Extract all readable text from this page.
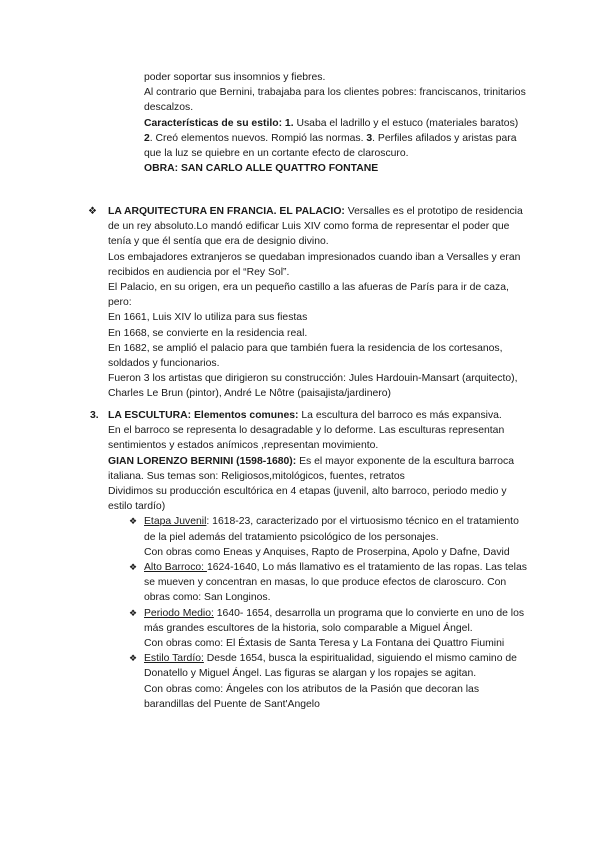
poder soportar sus insomnios y fiebres.

Al contrario que Bernini, trabajaba para los clientes pobres: franciscanos, trinitarios descalzos.

Características de su estilo: 1. Usaba el ladrillo y el estuco (materiales baratos)

2. Creó elementos nuevos. Rompió las normas. 3. Perfiles afilados y aristas para que la luz se quiebre en un cortante efecto de claroscuro.

OBRA: SAN CARLO ALLE QUATTRO FONTANE

❖ LA ARQUITECTURA EN FRANCIA. EL PALACIO: Versalles es el prototipo de residencia de un rey absoluto.Lo mandó edificar Luis XIV como forma de representar el poder que tenía y que él sentía que era de designio divino.

Los embajadores extranjeros se quedaban impresionados cuando iban a Versalles y eran recibidos en audiencia por el “Rey Sol”.

El Palacio, en su origen, era un pequeño castillo a las afueras de París para ir de caza, pero:

En 1661, Luis XIV lo utiliza para sus fiestas

En 1668, se convierte en la residencia real.

En 1682, se amplió el palacio para que también fuera la residencia de los cortesanos, soldados y funcionarios.

Fueron 3 los artistas que dirigieron su construcción: Jules Hardouin-Mansart (arquitecto), Charles Le Brun (pintor), André Le Nôtre (paisajista/jardinero)

3. LA ESCULTURA: Elementos comunes: La escultura del barroco es más expansiva.

En el barroco se representa lo desagradable y lo deforme. Las esculturas representan sentimientos y estados anímicos ,representan movimiento.

GIAN LORENZO BERNINI (1598-1680): Es el mayor exponente de la escultura barroca italiana. Sus temas son: Religiosos,mitológicos, fuentes, retratos

Dividimos su producción escultórica en 4 etapas (juvenil, alto barroco, periodo medio y estilo tardío)

❖ Etapa Juvenil: 1618-23, caracterizado por el virtuosismo técnico en el tratamiento de la piel además del tratamiento psicológico de los personajes.

Con obras como Eneas y Anquises, Rapto de Proserpina, Apolo y Dafne, David

❖ Alto Barroco: 1624-1640, Lo más llamativo es el tratamiento de las ropas. Las telas se mueven y concentran en masas, lo que produce efectos de claroscuro. Con obras como: San Longinos.

❖ Periodo Medio: 1640- 1654, desarrolla un programa que lo convierte en uno de los más grandes escultores de la historia, solo comparable a Miguel Ángel.

Con obras como: El Éxtasis de Santa Teresa y La Fontana dei Quattro Fiumini

❖ Estilo Tardío: Desde 1654, busca la espiritualidad, siguiendo el mismo camino de Donatello y Miguel Ángel. Las figuras se alargan y los ropajes se agitan.

Con obras como: Ángeles con los atributos de la Pasión que decoran las barandillas del Puente de Sant'Angelo
